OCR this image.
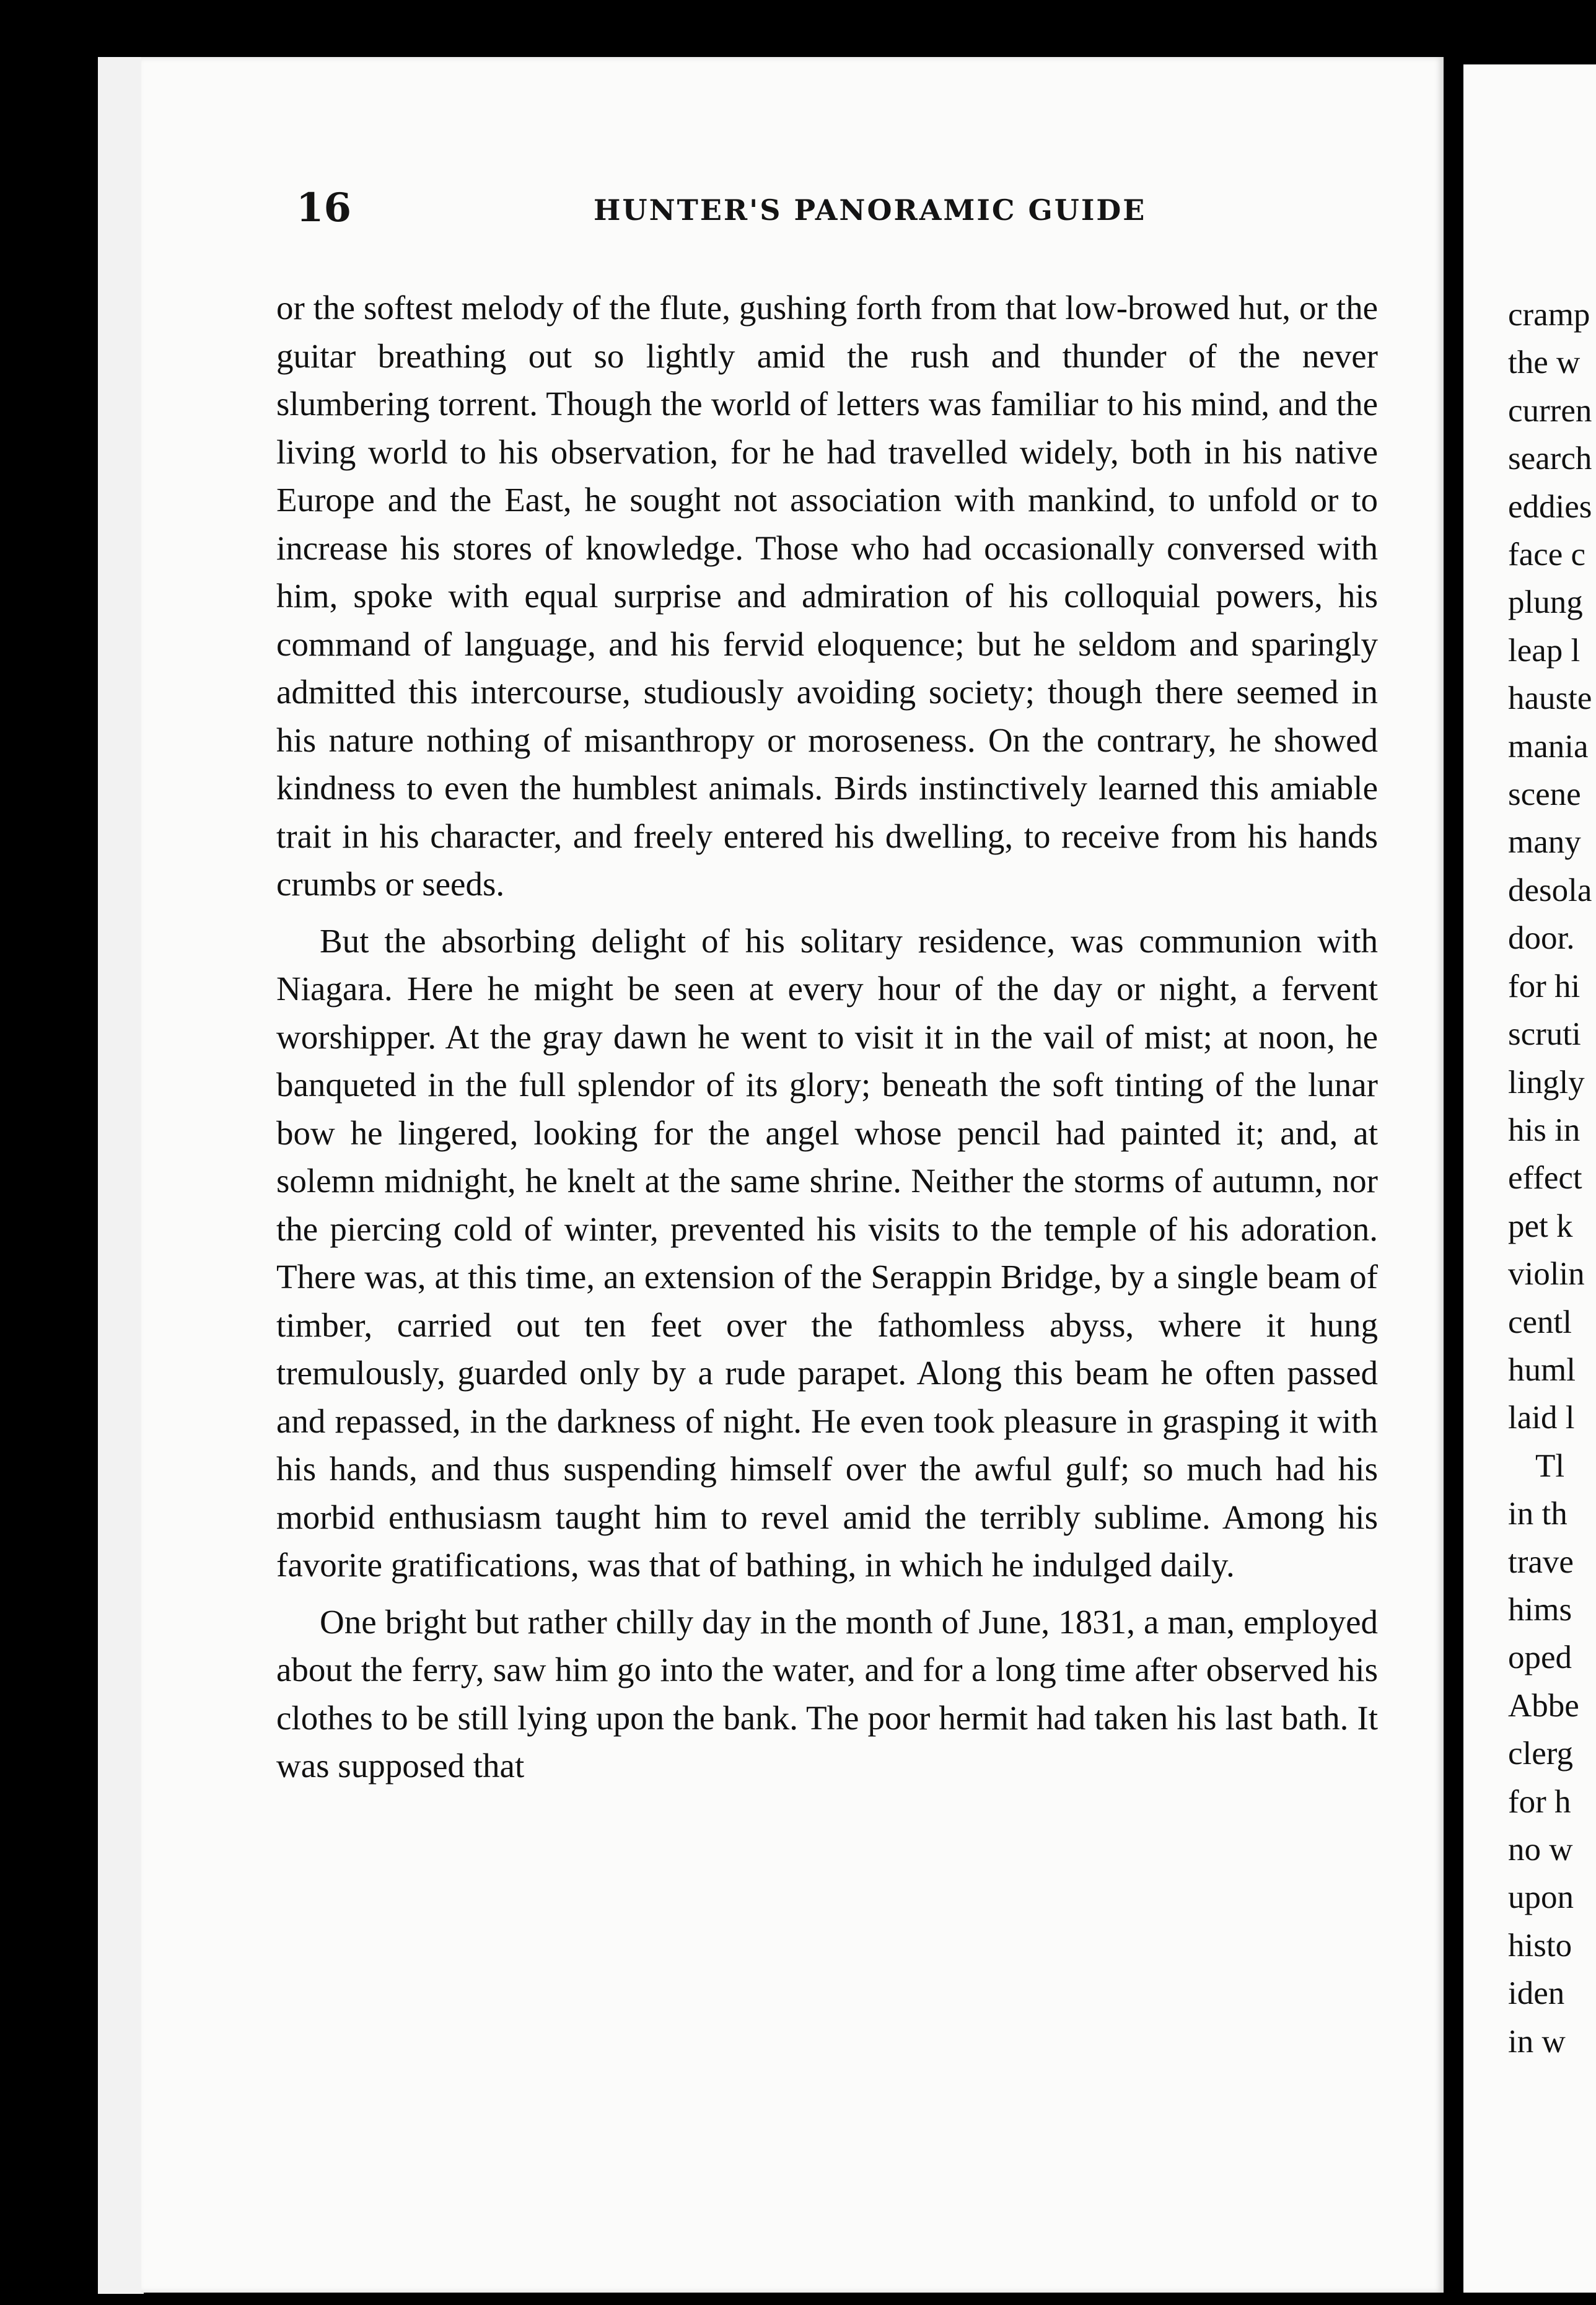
16	HUNTER'S PANORAMIC GUIDE

or the softest melody of the flute, gushing forth from that low-browed hut, or the guitar breathing out so lightly amid the rush and thunder of the never slumbering torrent. Though the world of letters was familiar to his mind, and the living world to his observation, for he had travelled widely, both in his native Europe and the East, he sought not association with mankind, to unfold or to increase his stores of knowledge. Those who had occasionally conversed with him, spoke with equal surprise and admiration of his colloquial powers, his command of language, and his fervid eloquence; but he seldom and sparingly admitted this intercourse, studiously avoiding society; though there seemed in his nature nothing of misanthropy or moroseness. On the contrary, he showed kindness to even the humblest animals. Birds instinctively learned this amiable trait in his character, and freely entered his dwelling, to receive from his hands crumbs or seeds.

But the absorbing delight of his solitary residence, was communion with Niagara. Here he might be seen at every hour of the day or night, a fervent worshipper. At the gray dawn he went to visit it in the vail of mist; at noon, he banqueted in the full splendor of its glory; beneath the soft tinting of the lunar bow he lingered, looking for the angel whose pencil had painted it; and, at solemn midnight, he knelt at the same shrine. Neither the storms of autumn, nor the piercing cold of winter, prevented his visits to the temple of his adoration. There was, at this time, an extension of the Serappin Bridge, by a single beam of timber, carried out ten feet over the fathomless abyss, where it hung tremulously, guarded only by a rude parapet. Along this beam he often passed and repassed, in the darkness of night. He even took pleasure in grasping it with his hands, and thus suspending himself over the awful gulf; so much had his morbid enthusiasm taught him to revel amid the terribly sublime. Among his favorite gratifications, was that of bathing, in which he indulged daily.

One bright but rather chilly day in the month of June, 1831, a man, employed about the ferry, saw him go into the water, and for a long time after observed his clothes to be still lying upon the bank. The poor hermit had taken his last bath. It was supposed that

cramp
the w
curren
search
eddies
face c
plung
leap l
hauste
mania
scene
many
desola
door.
for hi
scruti
lingly
his in
effect
pet k
violin
centl
huml
laid l
Tl
in th
trave
hims
oped
Abbe
clerg
for h
no w
upon
histo
iden
in w
